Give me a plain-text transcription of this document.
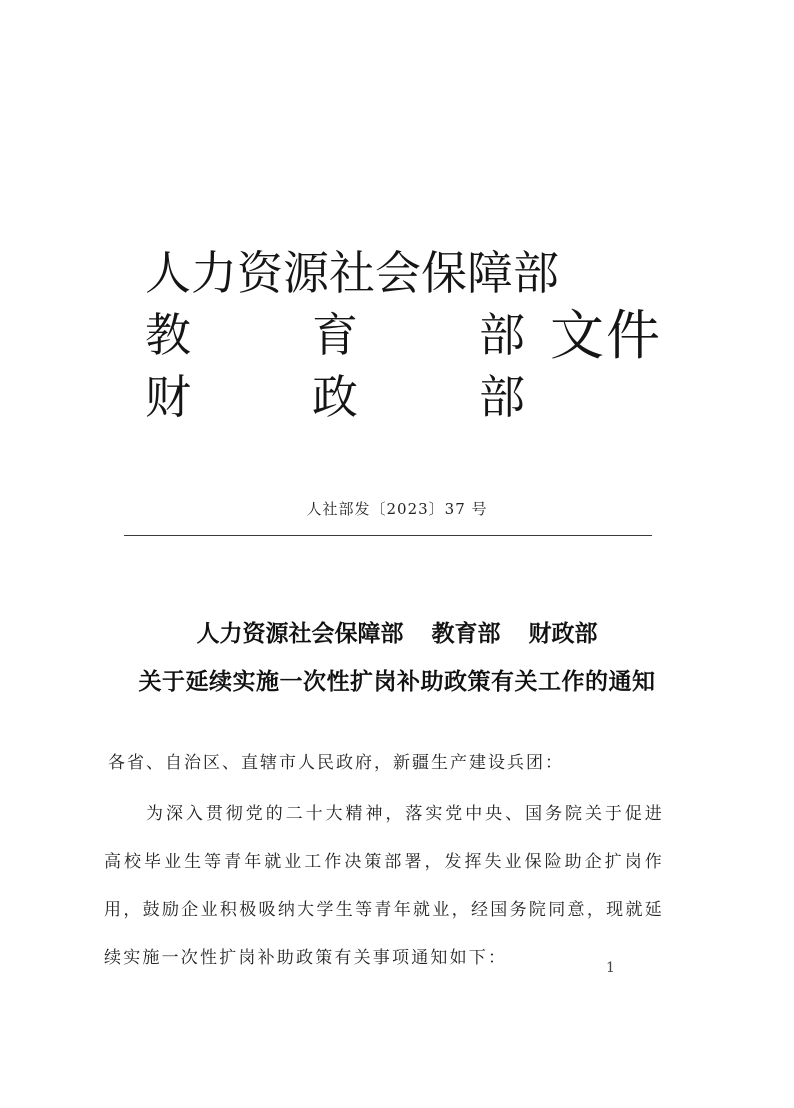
人 力 资 源 社 会 保 障 部
教	育	部
财	政	部
文件
人社部发〔2023〕37 号
人力资源社会保障部 教育部 财政部
关于延续实施一次性扩岗补助政策有关工作的通知
各省、自治区、直辖市人民政府，新疆生产建设兵团：

为深入贯彻党的二十大精神，落实党中央、国务院关于促进高校毕业生等青年就业工作决策部署，发挥失业保险助企扩岗作用，鼓励企业积极吸纳大学生等青年就业，经国务院同意，现就延续实施一次性扩岗补助政策有关事项通知如下：	1
